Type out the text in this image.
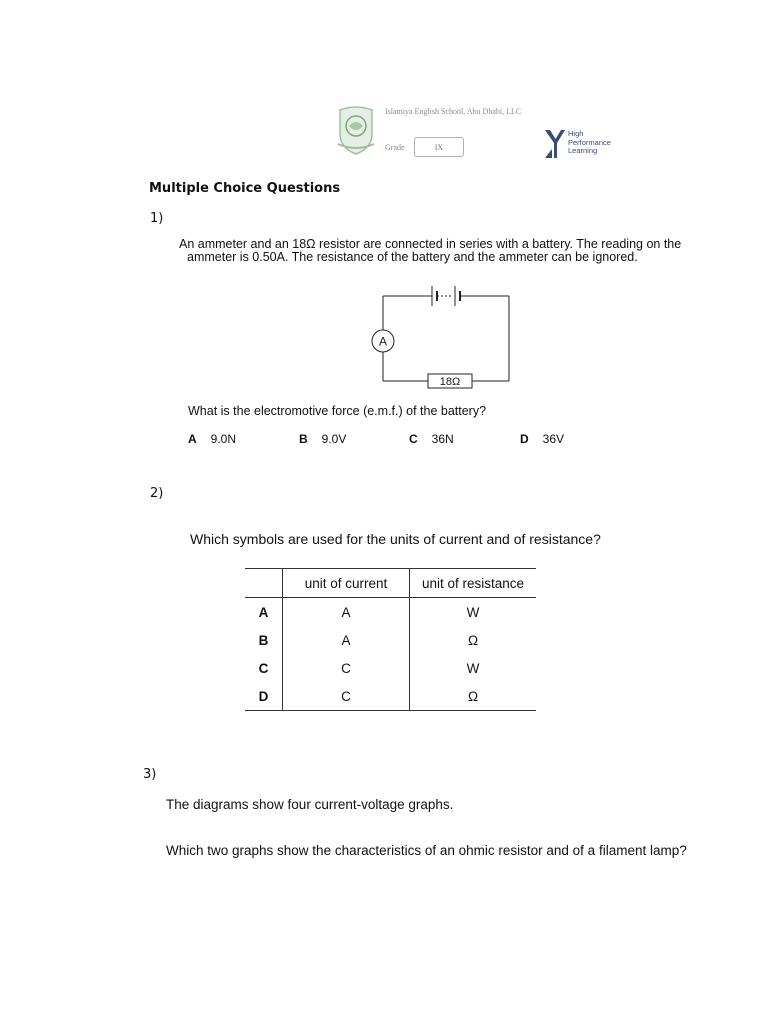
Islamiya English School, Abu Dhabi, LLC
Grade	IX
High
Performance
Learning
Multiple Choice Questions
1)
An ammeter and an 18Ω resistor are connected in series with a battery. The reading on the
ammeter is 0.50A. The resistance of the battery and the ammeter can be ignored.
A
18Ω
What is the electromotive force (e.m.f.) of the battery?
A 9.0N	B 9.0V	C 36N	D 36V
2)
Which symbols are used for the units of current and of resistance?
	unit of current	unit of resistance
A	A	W
B	A	Ω
C	C	W
D	C	Ω
3)
The diagrams show four current-voltage graphs.
Which two graphs show the characteristics of an ohmic resistor and of a filament lamp?
